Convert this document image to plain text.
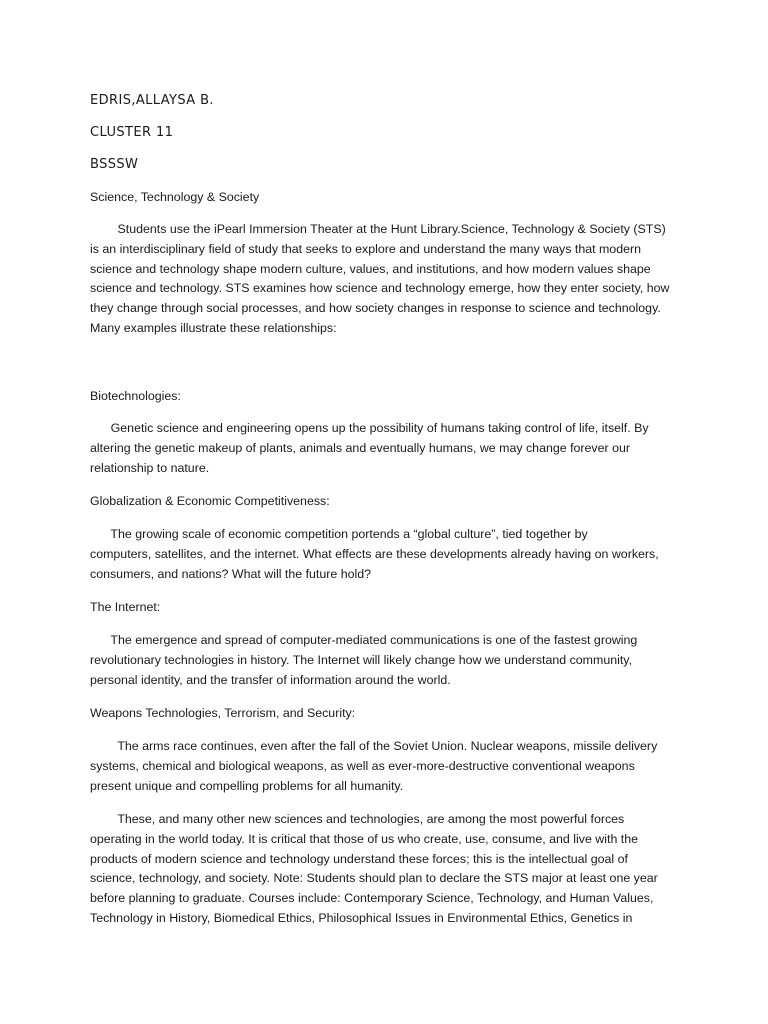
EDRIS,ALLAYSA B.
CLUSTER 11
BSSSW
Science, Technology & Society
Students use the iPearl Immersion Theater at the Hunt Library.Science, Technology & Society (STS)
is an interdisciplinary field of study that seeks to explore and understand the many ways that modern
science and technology shape modern culture, values, and institutions, and how modern values shape
science and technology. STS examines how science and technology emerge, how they enter society, how
they change through social processes, and how society changes in response to science and technology.
Many examples illustrate these relationships:
Biotechnologies:
Genetic science and engineering opens up the possibility of humans taking control of life, itself. By
altering the genetic makeup of plants, animals and eventually humans, we may change forever our
relationship to nature.
Globalization & Economic Competitiveness:
The growing scale of economic competition portends a “global culture”, tied together by
computers, satellites, and the internet. What effects are these developments already having on workers,
consumers, and nations? What will the future hold?
The Internet:
The emergence and spread of computer-mediated communications is one of the fastest growing
revolutionary technologies in history. The Internet will likely change how we understand community,
personal identity, and the transfer of information around the world.
Weapons Technologies, Terrorism, and Security:
The arms race continues, even after the fall of the Soviet Union. Nuclear weapons, missile delivery
systems, chemical and biological weapons, as well as ever-more-destructive conventional weapons
present unique and compelling problems for all humanity.
These, and many other new sciences and technologies, are among the most powerful forces
operating in the world today. It is critical that those of us who create, use, consume, and live with the
products of modern science and technology understand these forces; this is the intellectual goal of
science, technology, and society. Note: Students should plan to declare the STS major at least one year
before planning to graduate. Courses include: Contemporary Science, Technology, and Human Values,
Technology in History, Biomedical Ethics, Philosophical Issues in Environmental Ethics, Genetics in
